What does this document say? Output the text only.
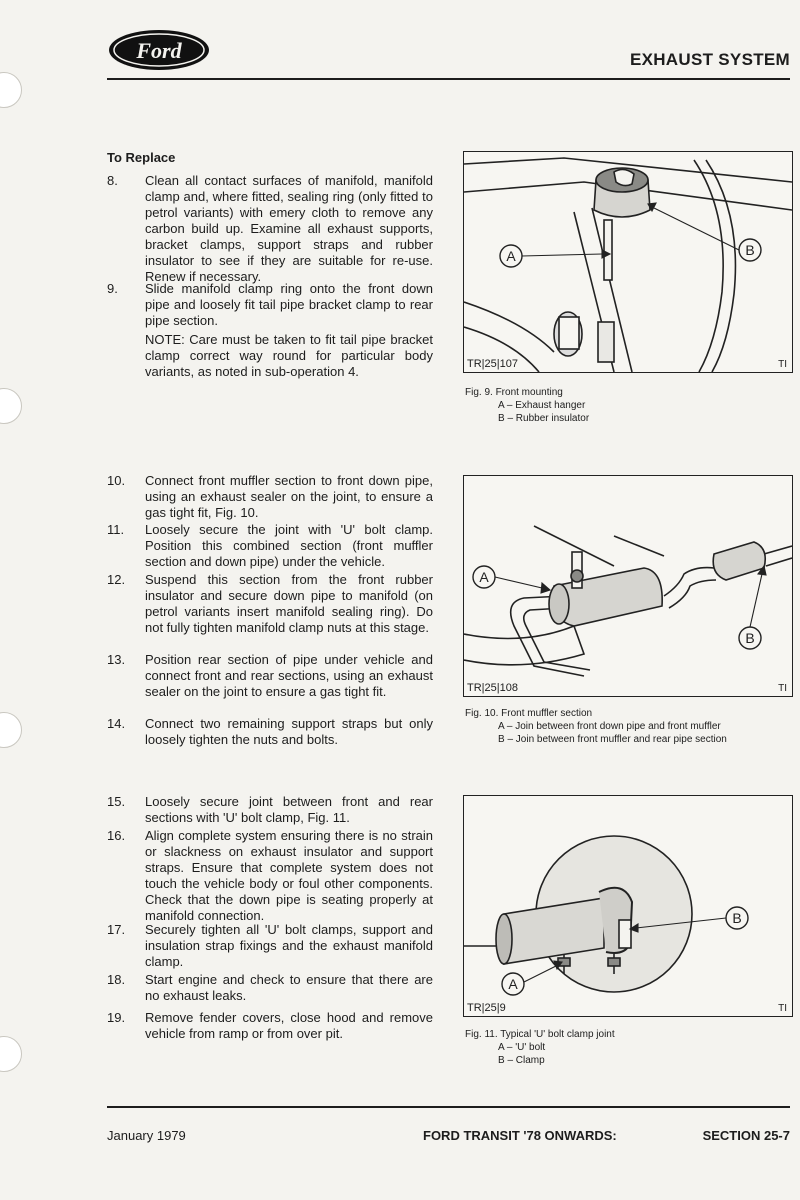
Ford	EXHAUST SYSTEM
To Replace
8.	Clean all contact surfaces of manifold, manifold clamp and, where fitted, sealing ring (only fitted to petrol variants) with emery cloth to remove any carbon build up. Examine all exhaust supports, bracket clamps, support straps and rubber insulator to see if they are suitable for re-use. Renew if necessary.
9.	Slide manifold clamp ring onto the front down pipe and loosely fit tail pipe bracket clamp to rear pipe section.
NOTE: Care must be taken to fit tail pipe bracket clamp correct way round for particular body variants, as noted in sub-operation 4.
10.	Connect front muffler section to front down pipe, using an exhaust sealer on the joint, to ensure a gas tight fit, Fig. 10.
11.	Loosely secure the joint with 'U' bolt clamp. Position this combined section (front muffler section and down pipe) under the vehicle.
12.	Suspend this section from the front rubber insulator and secure down pipe to manifold (on petrol variants insert manifold sealing ring). Do not fully tighten manifold clamp nuts at this stage.
13.	Position rear section of pipe under vehicle and connect front and rear sections, using an exhaust sealer on the joint to ensure a gas tight fit.
14.	Connect two remaining support straps but only loosely tighten the nuts and bolts.
15.	Loosely secure joint between front and rear sections with 'U' bolt clamp, Fig. 11.
16.	Align complete system ensuring there is no strain or slackness on exhaust insulator and support straps. Ensure that complete system does not touch the vehicle body or foul other components. Check that the down pipe is seating properly at manifold connection.
17.	Securely tighten all 'U' bolt clamps, support and insulation strap fixings and the exhaust manifold clamp.
18.	Start engine and check to ensure that there are no exhaust leaks.
19.	Remove fender covers, close hood and remove vehicle from ramp or from over pit.
A	B
TR|25|107	TI
Fig. 9. Front mounting
A – Exhaust hanger
B – Rubber insulator
A
B
TR|25|108	TI
Fig. 10. Front muffler section
A – Join between front down pipe and front muffler
B – Join between front muffler and rear pipe section
A
B
TR|25|9	TI
Fig. 11. Typical 'U' bolt clamp joint
A – 'U' bolt
B – Clamp
January 1979	FORD TRANSIT '78 ONWARDS:	SECTION 25-7
